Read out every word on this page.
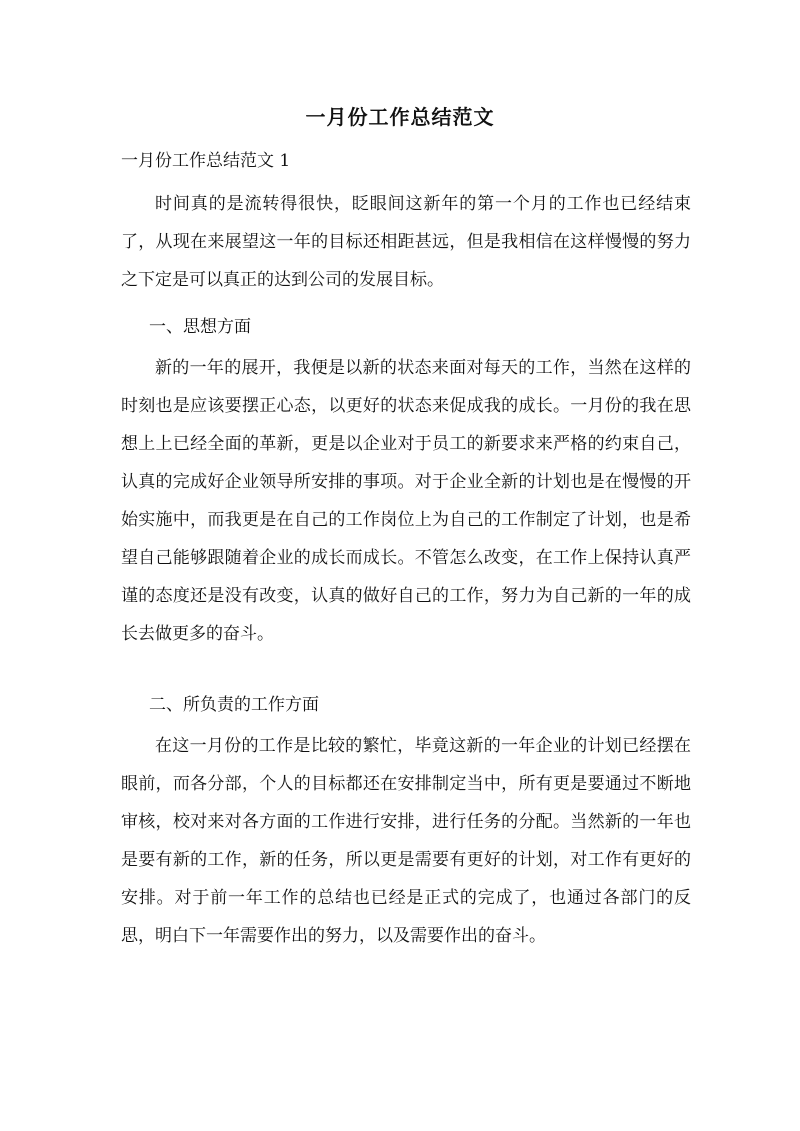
一月份工作总结范文
一月份工作总结范文 1

时间真的是流转得很快，眨眼间这新年的第一个月的工作也已经结束了，从现在来展望这一年的目标还相距甚远，但是我相信在这样慢慢的努力之下定是可以真正的达到公司的发展目标。

一、思想方面

新的一年的展开，我便是以新的状态来面对每天的工作，当然在这样的时刻也是应该要摆正心态，以更好的状态来促成我的成长。一月份的我在思想上上已经全面的革新，更是以企业对于员工的新要求来严格的约束自己，认真的完成好企业领导所安排的事项。对于企业全新的计划也是在慢慢的开始实施中，而我更是在自己的工作岗位上为自己的工作制定了计划，也是希望自己能够跟随着企业的成长而成长。不管怎么改变，在工作上保持认真严谨的态度还是没有改变，认真的做好自己的工作，努力为自己新的一年的成长去做更多的奋斗。

二、所负责的工作方面

在这一月份的工作是比较的繁忙，毕竟这新的一年企业的计划已经摆在眼前，而各分部，个人的目标都还在安排制定当中，所有更是要通过不断地审核，校对来对各方面的工作进行安排，进行任务的分配。当然新的一年也是要有新的工作，新的任务，所以更是需要有更好的计划，对工作有更好的安排。对于前一年工作的总结也已经是正式的完成了，也通过各部门的反思，明白下一年需要作出的努力，以及需要作出的奋斗。
